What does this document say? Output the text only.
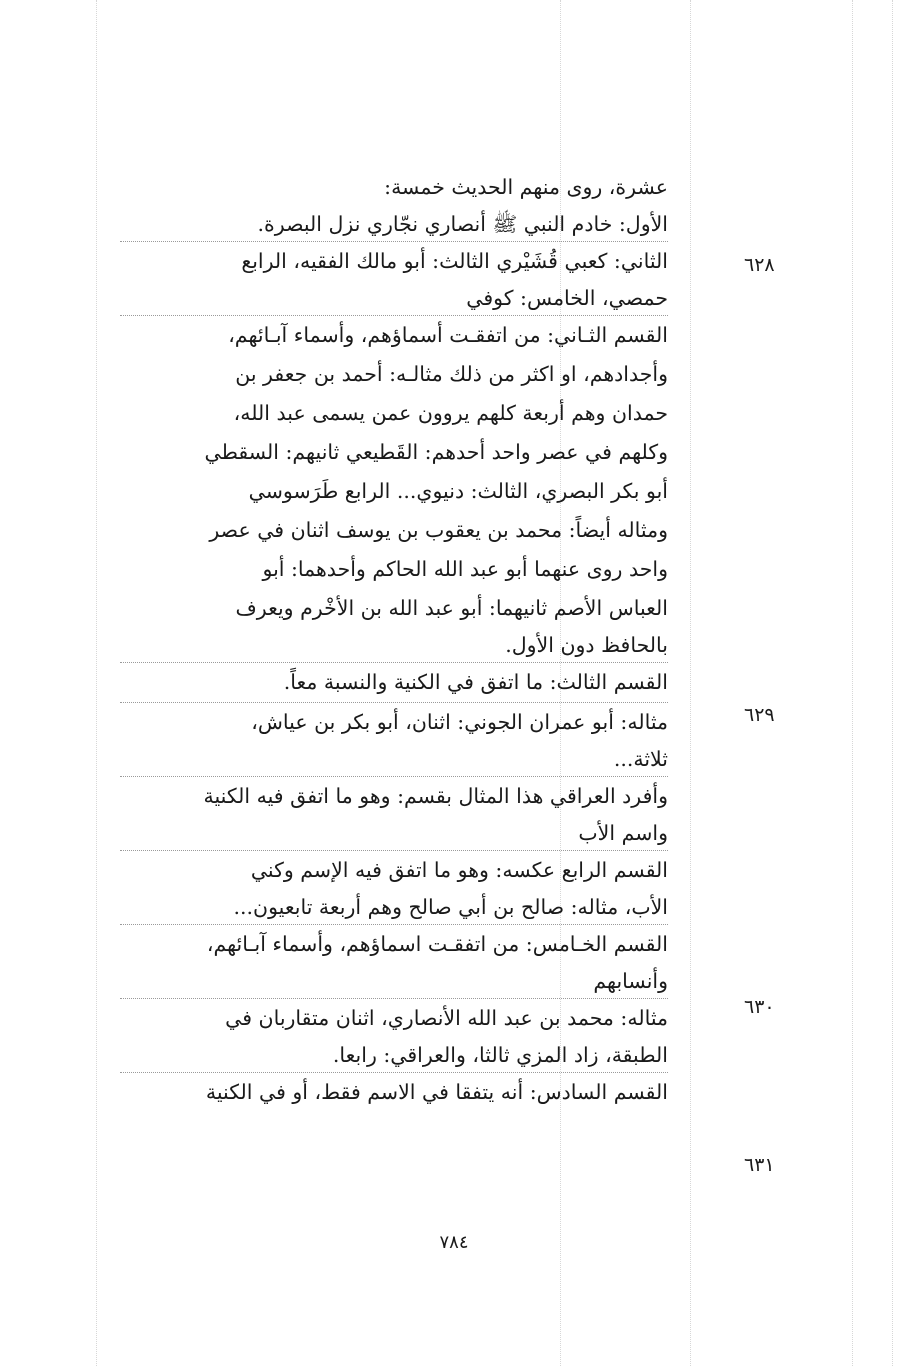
٦٢٨
٦٢٩
٦٣٠
٦٣١
عشرة، روى منهم الحديث خمسة:
الأول: خادم النبي ﷺ أنصاري نجّاري نزل البصرة.
الثاني: كعبي قُشَيْري الثالث: أبو مالك الفقيه، الرابع
حمصي، الخامس: كوفي
القسم الثـاني: من اتفقـت أسماؤهم، وأسماء آبـائهم،
وأجدادهم، او اكثر من ذلك مثالـه: أحمد بن جعفر بن
حمدان وهم أربعة كلهم يروون عمن يسمى عبد الله،
وكلهم في عصر واحد أحدهم: القَطيعي ثانيهم: السقطي
أبو بكر البصري، الثالث: دنيوي... الرابع طَرَسوسي
ومثاله أيضاً: محمد بن يعقوب بن يوسف اثنان في عصر
واحد روى عنهما أبو عبد الله الحاكم وأحدهما: أبو
العباس الأصم ثانيهما: أبو عبد الله بن الأخْرم ويعرف
بالحافظ دون الأول.
القسم الثالث: ما اتفق في الكنية والنسبة معاً.
مثاله: أبو عمران الجوني: اثنان، أبو بكر بن عياش،
ثلاثة...
وأفرد العراقي هذا المثال بقسم: وهو ما اتفق فيه الكنية
واسم الأب
القسم الرابع عكسه: وهو ما اتفق فيه الإسم وكني
الأب، مثاله: صالح بن أبي صالح وهم أربعة تابعيون...
القسم الخـامس: من اتفقـت اسماؤهم، وأسماء آبـائهم،
وأنسابهم
مثاله: محمد بن عبد الله الأنصاري، اثنان متقاربان في
الطبقة، زاد المزي ثالثا، والعراقي: رابعا.
القسم السادس: أنه يتفقا في الاسم فقط، أو في الكنية
٧٨٤
